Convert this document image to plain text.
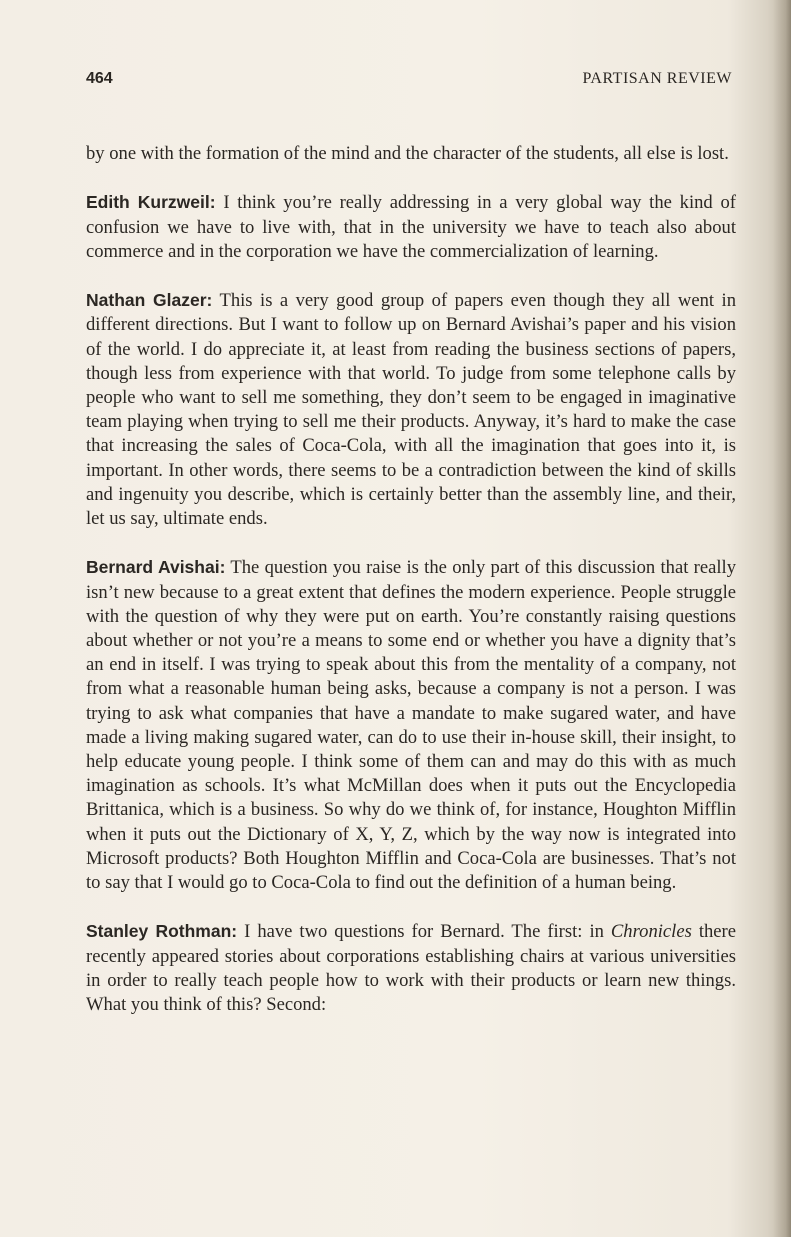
464	PARTISAN REVIEW

by one with the formation of the mind and the character of the students, all else is lost.

Edith Kurzweil: I think you’re really addressing in a very global way the kind of confusion we have to live with, that in the university we have to teach also about commerce and in the corporation we have the commercialization of learning.

Nathan Glazer: This is a very good group of papers even though they all went in different directions. But I want to follow up on Bernard Avishai’s paper and his vision of the world. I do appreciate it, at least from reading the business sections of papers, though less from experience with that world. To judge from some telephone calls by people who want to sell me something, they don’t seem to be engaged in imaginative team playing when trying to sell me their products. Anyway, it’s hard to make the case that increasing the sales of Coca-Cola, with all the imagination that goes into it, is important. In other words, there seems to be a contradiction between the kind of skills and ingenuity you describe, which is certainly better than the assembly line, and their, let us say, ultimate ends.

Bernard Avishai: The question you raise is the only part of this discussion that really isn’t new because to a great extent that defines the modern experience. People struggle with the question of why they were put on earth. You’re constantly raising questions about whether or not you’re a means to some end or whether you have a dignity that’s an end in itself. I was trying to speak about this from the mentality of a company, not from what a reasonable human being asks, because a company is not a person. I was trying to ask what companies that have a mandate to make sugared water, and have made a living making sugared water, can do to use their in-house skill, their insight, to help educate young people. I think some of them can and may do this with as much imagination as schools. It’s what McMillan does when it puts out the Encyclopedia Brittanica, which is a business. So why do we think of, for instance, Houghton Mifflin when it puts out the Dictionary of X, Y, Z, which by the way now is integrated into Microsoft products? Both Houghton Mifflin and Coca-Cola are businesses. That’s not to say that I would go to Coca-Cola to find out the definition of a human being.

Stanley Rothman: I have two questions for Bernard. The first: in Chronicles there recently appeared stories about corporations establishing chairs at various universities in order to really teach people how to work with their products or learn new things. What you think of this? Second:
